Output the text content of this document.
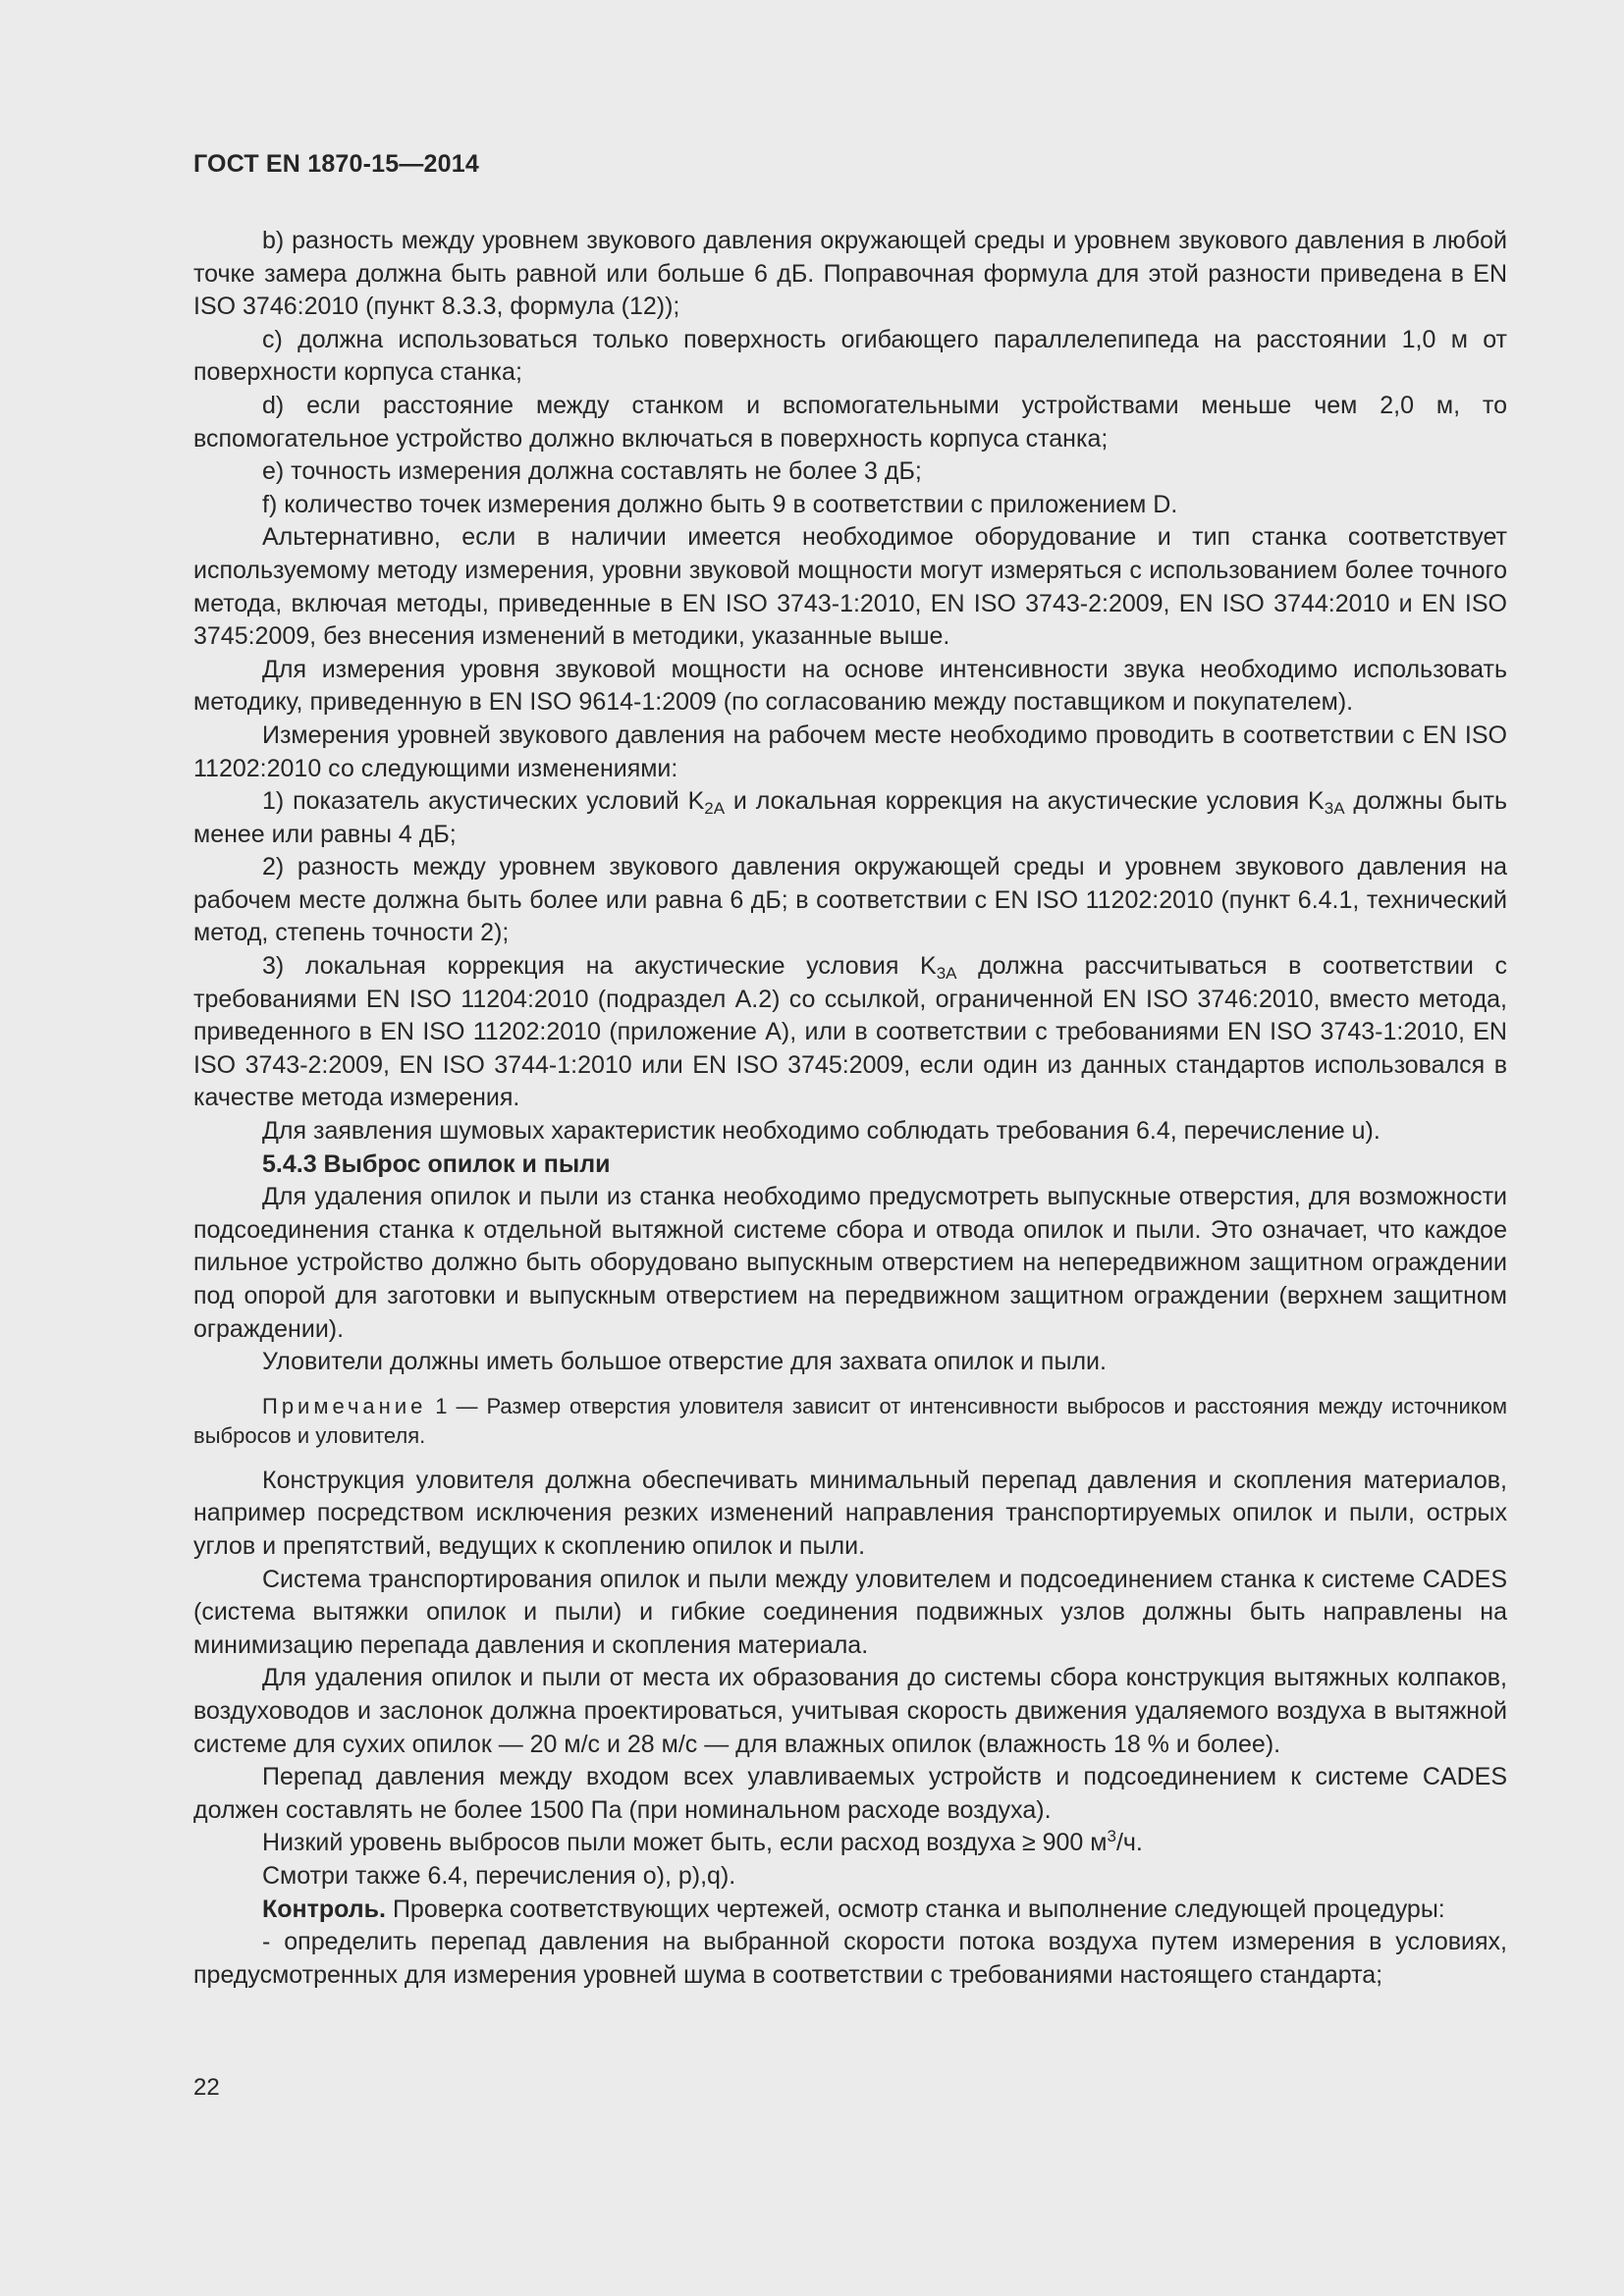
ГОСТ EN 1870-15—2014

b) разность между уровнем звукового давления окружающей среды и уровнем звукового давления в любой точке замера должна быть равной или больше 6 дБ. Поправочная формула для этой разности приведена в EN ISO 3746:2010 (пункт 8.3.3, формула (12));

c) должна использоваться только поверхность огибающего параллелепипеда на расстоянии 1,0 м от поверхности корпуса станка;

d) если расстояние между станком и вспомогательными устройствами меньше чем 2,0 м, то вспомогательное устройство должно включаться в поверхность корпуса станка;

e) точность измерения должна составлять не более 3 дБ;

f) количество точек измерения должно быть 9 в соответствии с приложением D.

Альтернативно, если в наличии имеется необходимое оборудование и тип станка соответствует используемому методу измерения, уровни звуковой мощности могут измеряться с использованием более точного метода, включая методы, приведенные в EN ISO 3743-1:2010, EN ISO 3743-2:2009, EN ISO 3744:2010 и EN ISO 3745:2009, без внесения изменений в методики, указанные выше.

Для измерения уровня звуковой мощности на основе интенсивности звука необходимо использовать методику, приведенную в EN ISO 9614-1:2009 (по согласованию между поставщиком и покупателем).

Измерения уровней звукового давления на рабочем месте необходимо проводить в соответствии с EN ISO 11202:2010 со следующими изменениями:

1) показатель акустических условий $K_{2A}$ и локальная коррекция на акустические условия $K_{3A}$ должны быть менее или равны 4 дБ;

2) разность между уровнем звукового давления окружающей среды и уровнем звукового давления на рабочем месте должна быть более или равна 6 дБ; в соответствии с EN ISO 11202:2010 (пункт 6.4.1, технический метод, степень точности 2);

3) локальная коррекция на акустические условия $K_{3A}$ должна рассчитываться в соответствии с требованиями EN ISO 11204:2010 (подраздел A.2) со ссылкой, ограниченной EN ISO 3746:2010, вместо метода, приведенного в EN ISO 11202:2010 (приложение A), или в соответствии с требованиями EN ISO 3743-1:2010, EN ISO 3743-2:2009, EN ISO 3744-1:2010 или EN ISO 3745:2009, если один из данных стандартов использовался в качестве метода измерения.

Для заявления шумовых характеристик необходимо соблюдать требования 6.4, перечисление u).

5.4.3 Выброс опилок и пыли

Для удаления опилок и пыли из станка необходимо предусмотреть выпускные отверстия, для возможности подсоединения станка к отдельной вытяжной системе сбора и отвода опилок и пыли. Это означает, что каждое пильное устройство должно быть оборудовано выпускным отверстием на непередвижном защитном ограждении под опорой для заготовки и выпускным отверстием на передвижном защитном ограждении (верхнем защитном ограждении).

Уловители должны иметь большое отверстие для захвата опилок и пыли.

Примечание 1 — Размер отверстия уловителя зависит от интенсивности выбросов и расстояния между источником выбросов и уловителя.

Конструкция уловителя должна обеспечивать минимальный перепад давления и скопления материалов, например посредством исключения резких изменений направления транспортируемых опилок и пыли, острых углов и препятствий, ведущих к скоплению опилок и пыли.

Система транспортирования опилок и пыли между уловителем и подсоединением станка к системе CADES (система вытяжки опилок и пыли) и гибкие соединения подвижных узлов должны быть направлены на минимизацию перепада давления и скопления материала.

Для удаления опилок и пыли от места их образования до системы сбора конструкция вытяжных колпаков, воздуховодов и заслонок должна проектироваться, учитывая скорость движения удаляемого воздуха в вытяжной системе для сухих опилок — 20 м/с и 28 м/с — для влажных опилок (влажность 18 % и более).

Перепад давления между входом всех улавливаемых устройств и подсоединением к системе CADES должен составлять не более 1500 Па (при номинальном расходе воздуха).

Низкий уровень выбросов пыли может быть, если расход воздуха ≥ 900 $м^3/ч$.

Смотри также 6.4, перечисления o), p),q).

Контроль. Проверка соответствующих чертежей, осмотр станка и выполнение следующей процедуры:

- определить перепад давления на выбранной скорости потока воздуха путем измерения в условиях, предусмотренных для измерения уровней шума в соответствии с требованиями настоящего стандарта;

22
